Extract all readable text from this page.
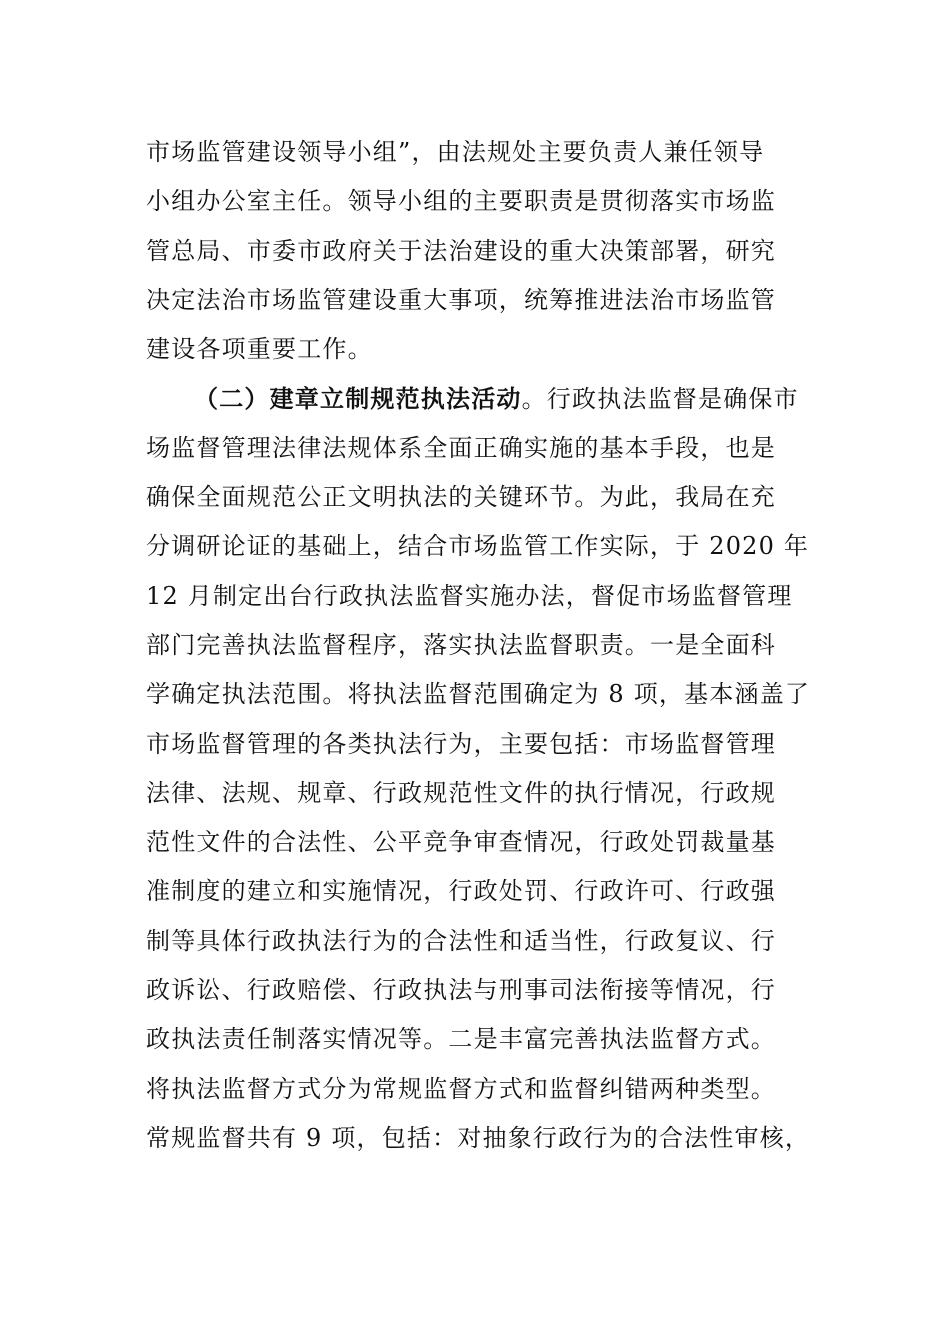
市场监管建设领导小组”，由法规处主要负责人兼任领导
小组办公室主任。领导小组的主要职责是贯彻落实市场监
管总局、市委市政府关于法治建设的重大决策部署，研究
决定法治市场监管建设重大事项，统筹推进法治市场监管
建设各项重要工作。
（二）建章立制规范执法活动。行政执法监督是确保市
场监督管理法律法规体系全面正确实施的基本手段，也是
确保全面规范公正文明执法的关键环节。为此，我局在充
分调研论证的基础上，结合市场监管工作实际，于 2020 年
12 月制定出台行政执法监督实施办法，督促市场监督管理
部门完善执法监督程序，落实执法监督职责。一是全面科
学确定执法范围。将执法监督范围确定为 8 项，基本涵盖了
市场监督管理的各类执法行为，主要包括：市场监督管理
法律、法规、规章、行政规范性文件的执行情况，行政规
范性文件的合法性、公平竞争审查情况，行政处罚裁量基
准制度的建立和实施情况，行政处罚、行政许可、行政强
制等具体行政执法行为的合法性和适当性，行政复议、行
政诉讼、行政赔偿、行政执法与刑事司法衔接等情况，行
政执法责任制落实情况等。二是丰富完善执法监督方式。
将执法监督方式分为常规监督方式和监督纠错两种类型。
常规监督共有 9 项，包括：对抽象行政行为的合法性审核，
